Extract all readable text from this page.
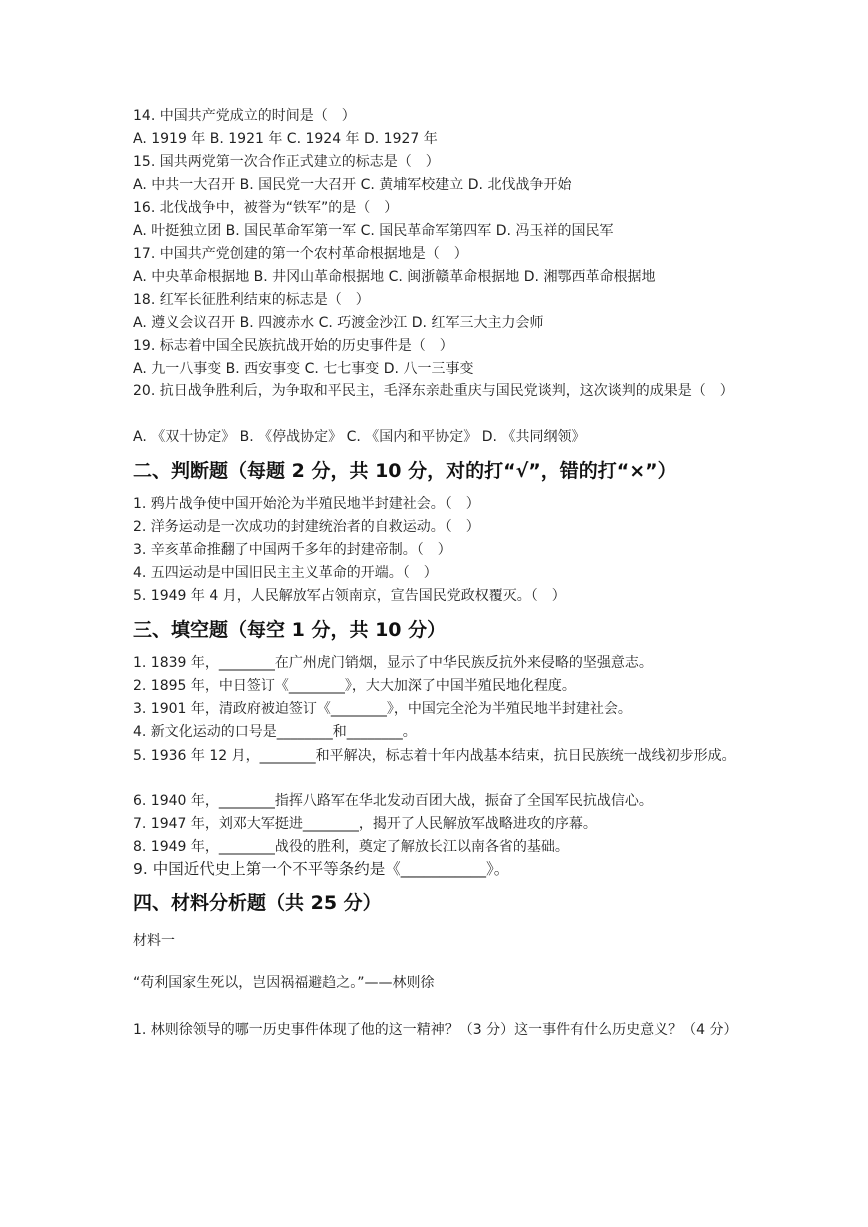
14. 中国共产党成立的时间是（　）
A. 1919 年 B. 1921 年 C. 1924 年 D. 1927 年
15. 国共两党第一次合作正式建立的标志是（　）
A. 中共一大召开 B. 国民党一大召开 C. 黄埔军校建立 D. 北伐战争开始
16. 北伐战争中，被誉为“铁军”的是（　）
A. 叶挺独立团 B. 国民革命军第一军 C. 国民革命军第四军 D. 冯玉祥的国民军
17. 中国共产党创建的第一个农村革命根据地是（　）
A. 中央革命根据地 B. 井冈山革命根据地 C. 闽浙赣革命根据地 D. 湘鄂西革命根据地
18. 红军长征胜利结束的标志是（　）
A. 遵义会议召开 B. 四渡赤水 C. 巧渡金沙江 D. 红军三大主力会师
19. 标志着中国全民族抗战开始的历史事件是（　）
A. 九一八事变 B. 西安事变 C. 七七事变 D. 八一三事变
20. 抗日战争胜利后，为争取和平民主，毛泽东亲赴重庆与国民党谈判，这次谈判的成果是（　）
A. 《双十协定》 B. 《停战协定》 C. 《国内和平协定》 D. 《共同纲领》
二、判断题（每题 2 分，共 10 分，对的打“√”，错的打“×”）
1. 鸦片战争使中国开始沦为半殖民地半封建社会。（　）
2. 洋务运动是一次成功的封建统治者的自救运动。（　）
3. 辛亥革命推翻了中国两千多年的封建帝制。（　）
4. 五四运动是中国旧民主主义革命的开端。（　）
5. 1949 年 4 月，人民解放军占领南京，宣告国民党政权覆灭。（　）
三、填空题（每空 1 分，共 10 分）
1. 1839 年，________在广州虎门销烟，显示了中华民族反抗外来侵略的坚强意志。
2. 1895 年，中日签订《________》，大大加深了中国半殖民地化程度。
3. 1901 年，清政府被迫签订《________》，中国完全沦为半殖民地半封建社会。
4. 新文化运动的口号是________和________。
5. 1936 年 12 月，________和平解决，标志着十年内战基本结束，抗日民族统一战线初步形成。
6. 1940 年，________指挥八路军在华北发动百团大战，振奋了全国军民抗战信心。
7. 1947 年，刘邓大军挺进________，揭开了人民解放军战略进攻的序幕。
8. 1949 年，________战役的胜利，奠定了解放长江以南各省的基础。
9. 中国近代史上第一个不平等条约是《___________》。
四、材料分析题（共 25 分）
材料一
“苟利国家生死以，岂因祸福避趋之。”——林则徐
1. 林则徐领导的哪一历史事件体现了他的这一精神？（3 分）这一事件有什么历史意义？（4 分）
